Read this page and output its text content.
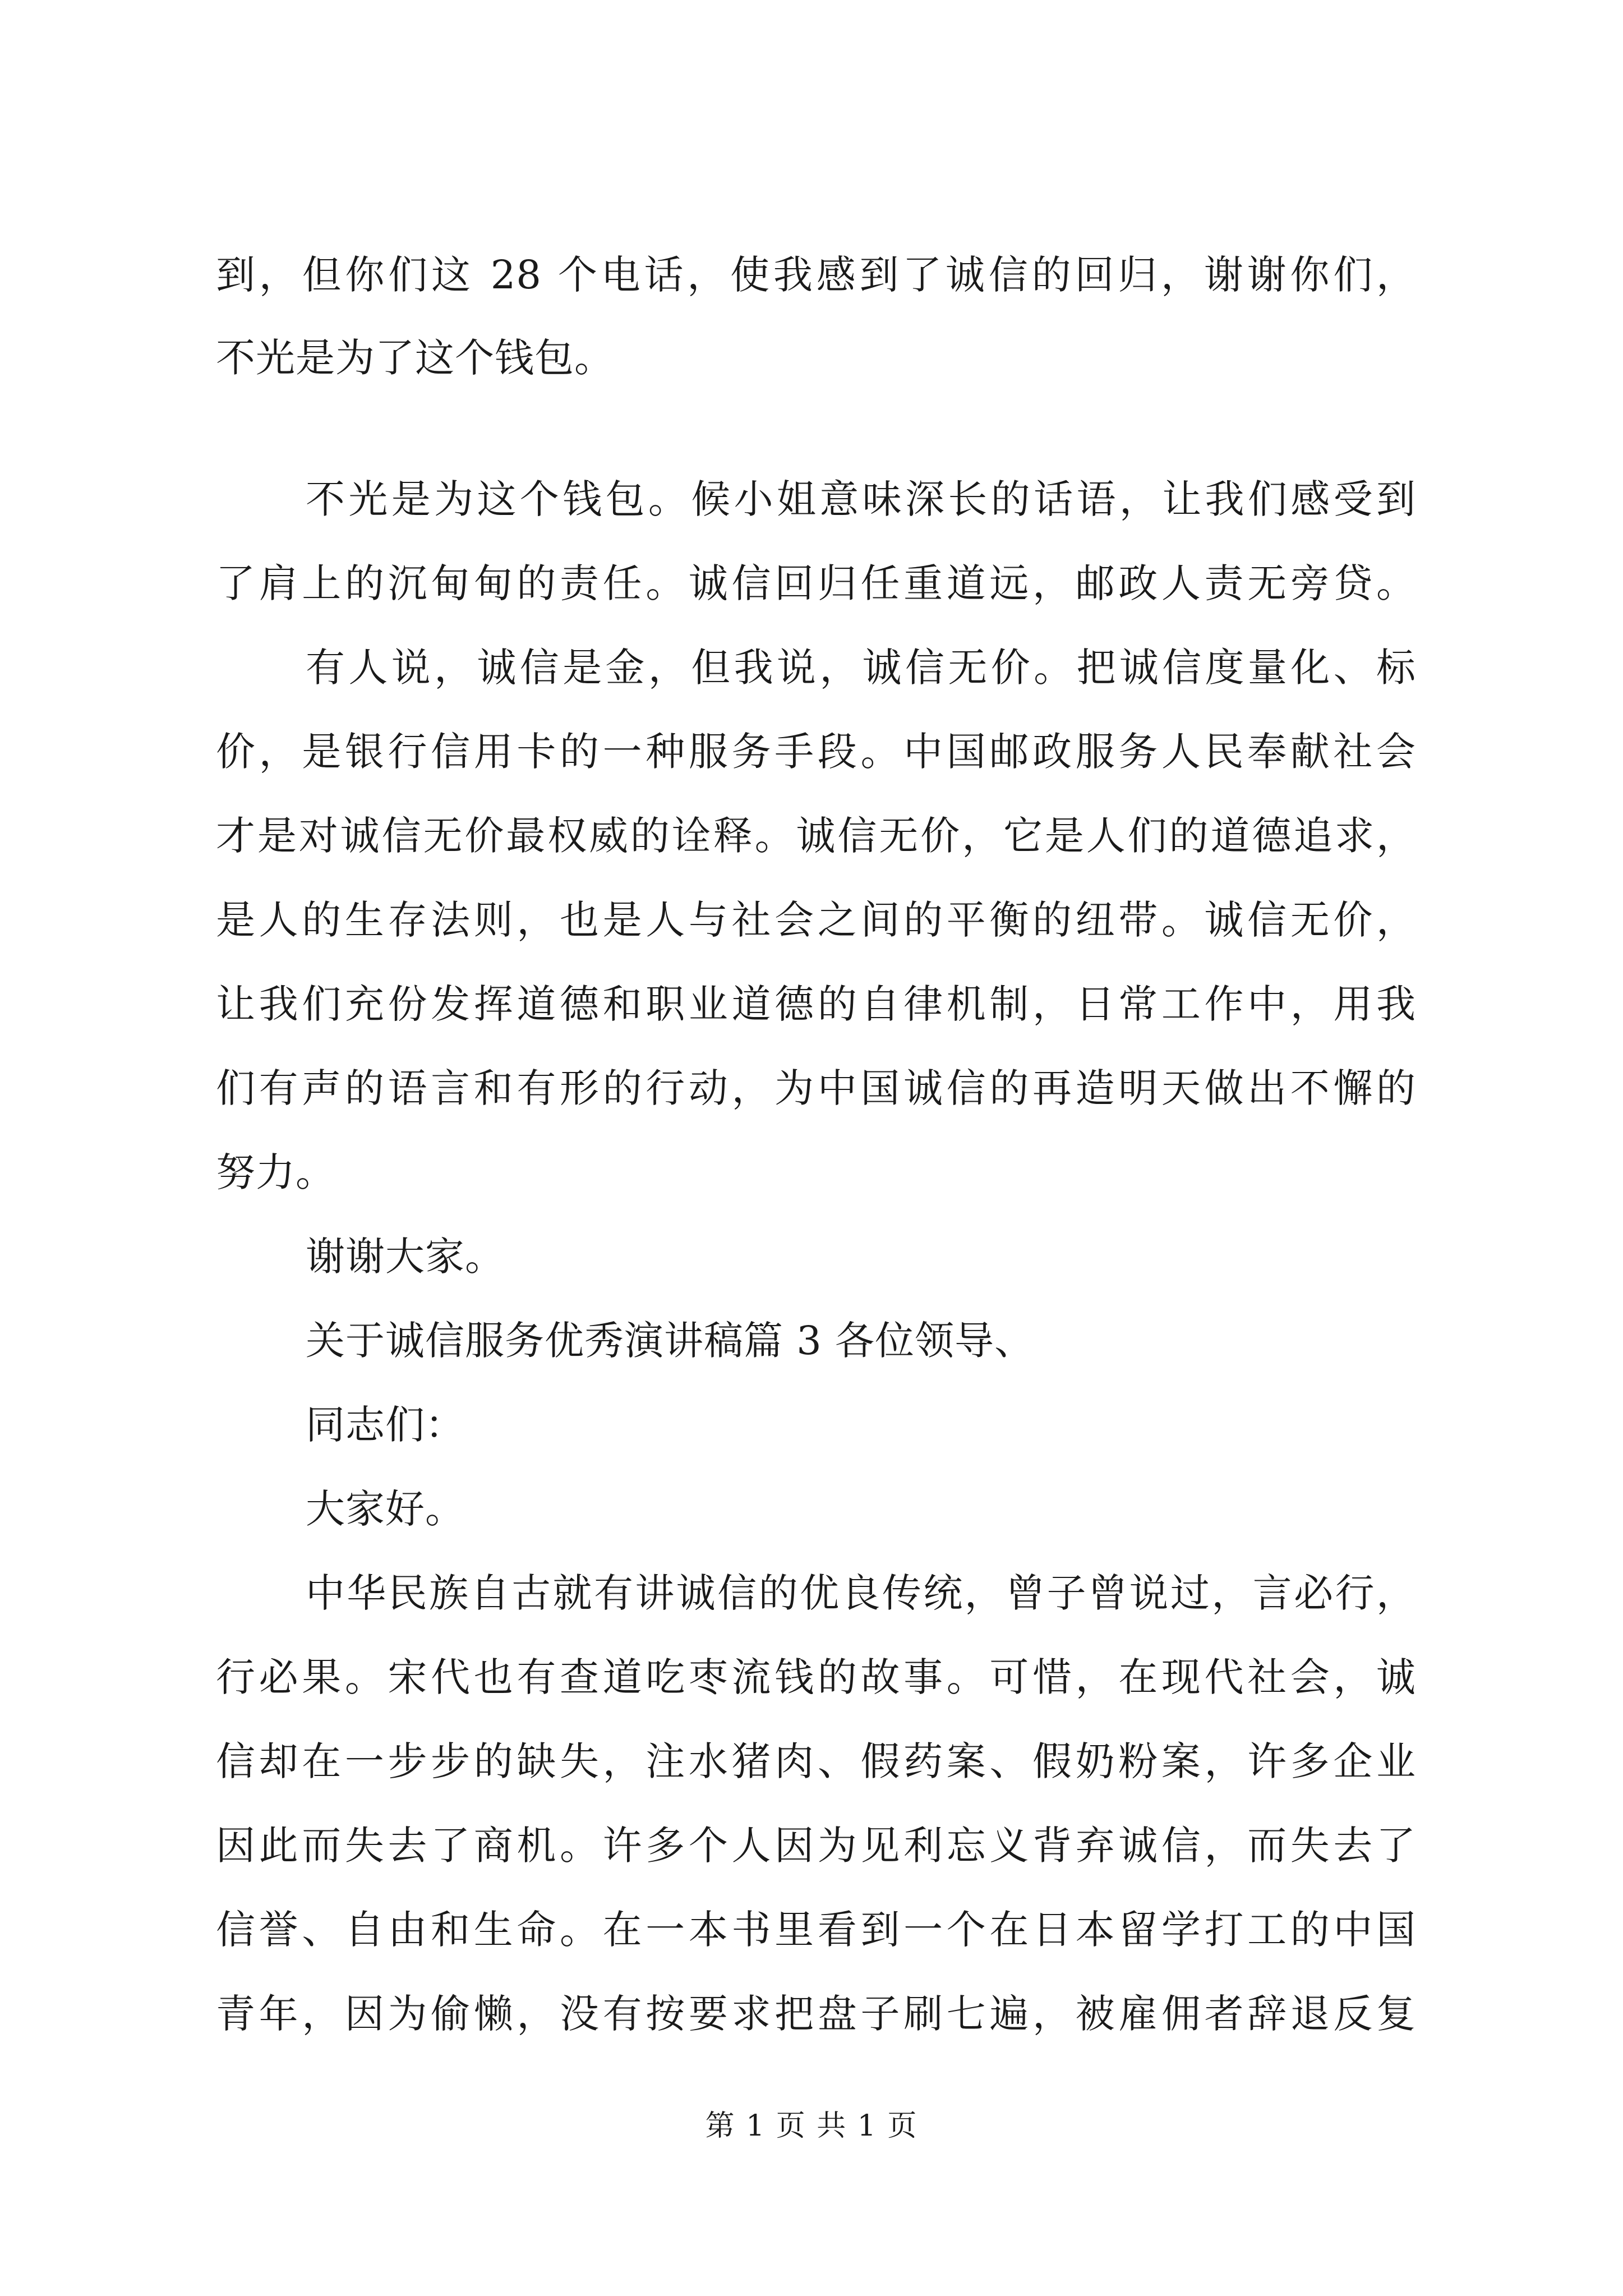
到，但你们这 28 个电话，使我感到了诚信的回归，谢谢你们，
不光是为了这个钱包。
不光是为这个钱包。候小姐意味深长的话语，让我们感受到
了肩上的沉甸甸的责任。诚信回归任重道远，邮政人责无旁贷。
有人说，诚信是金，但我说，诚信无价。把诚信度量化、标
价，是银行信用卡的一种服务手段。中国邮政服务人民奉献社会
才是对诚信无价最权威的诠释。诚信无价，它是人们的道德追求，
是人的生存法则，也是人与社会之间的平衡的纽带。诚信无价，
让我们充份发挥道德和职业道德的自律机制，日常工作中，用我
们有声的语言和有形的行动，为中国诚信的再造明天做出不懈的
努力。
谢谢大家。
关于诚信服务优秀演讲稿篇 3 各位领导、
同志们：
大家好。
中华民族自古就有讲诚信的优良传统，曾子曾说过，言必行，
行必果。宋代也有查道吃枣流钱的故事。可惜，在现代社会，诚
信却在一步步的缺失，注水猪肉、假药案、假奶粉案，许多企业
因此而失去了商机。许多个人因为见利忘义背弃诚信，而失去了
信誉、自由和生命。在一本书里看到一个在日本留学打工的中国
青年，因为偷懒，没有按要求把盘子刷七遍，被雇佣者辞退反复
第 1 页 共 1 页
